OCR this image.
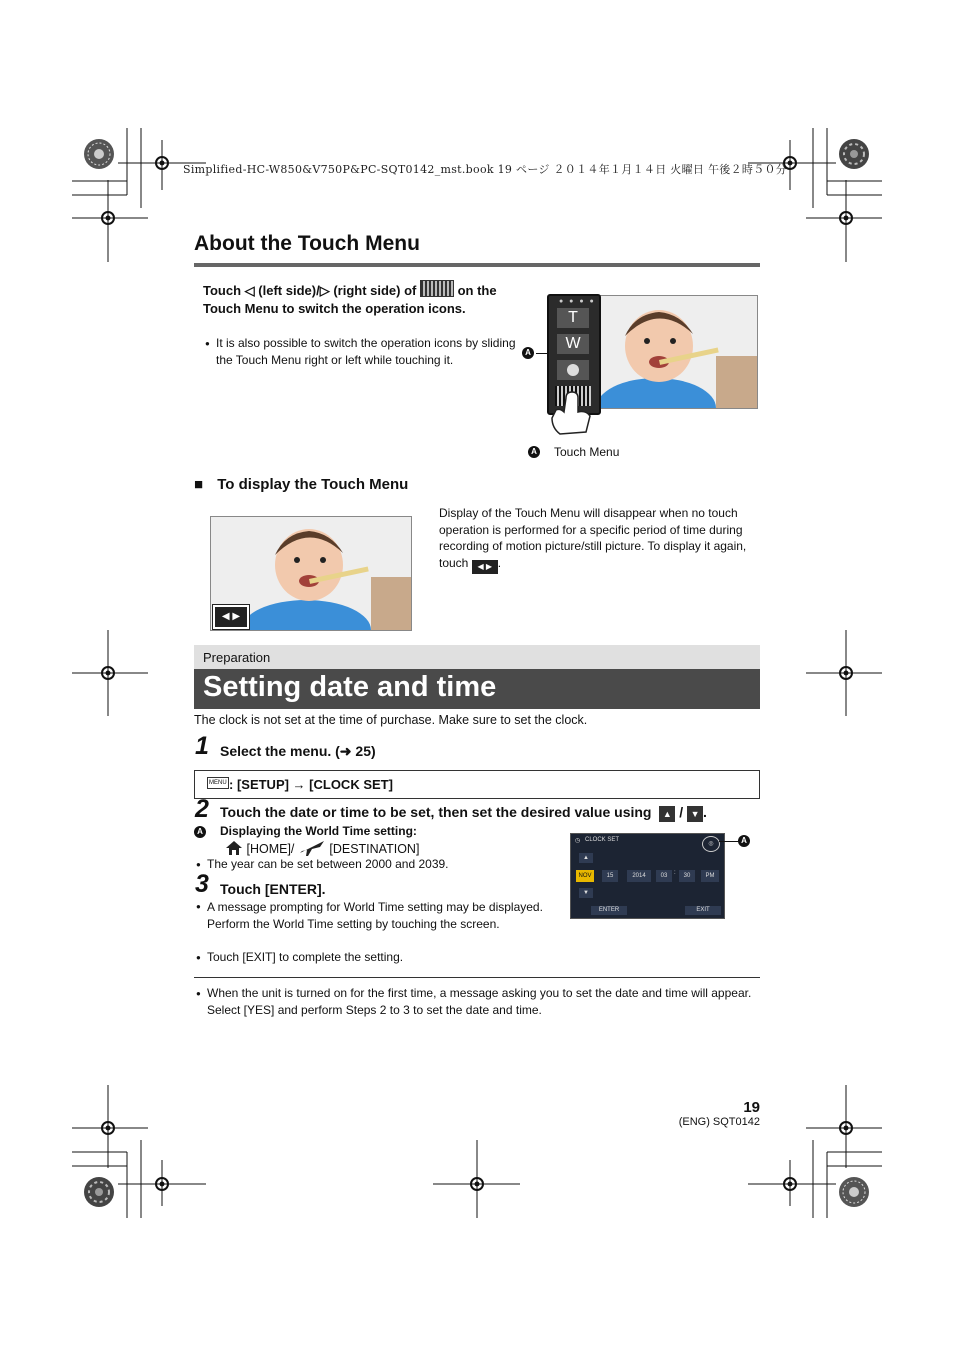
Simplified-HC-W850&V750P&PC-SQT0142_mst.book 19 ページ ２０１４年１月１４日 火曜日 午後２時５０分
About the Touch Menu
Touch ◁ (left side)/▷ (right side) of	on the Touch Menu to switch the operation icons.
● It is also possible to switch the operation icons by sliding the Touch Menu right or left while touching it.
● ● ● ●
T
W
A
A Touch Menu
■ To display the Touch Menu
◀ ▶
Display of the Touch Menu will disappear when no touch operation is performed for a specific period of time during recording of motion picture/still picture. To display it again, touch ◀ ▶ .
Preparation
Setting date and time
The clock is not set at the time of purchase. Make sure to set the clock.
1 Select the menu. (➜ 25)
MENU : [SETUP] → [CLOCK SET]
2 Touch the date or time to be set, then set the desired value using ▲ / ▼ .
A Displaying the World Time setting:
[HOME]/	[DESTINATION]
● The year can be set between 2000 and 2039.
3 Touch [ENTER].
● A message prompting for World Time setting may be displayed. Perform the World Time setting by touching the screen.
● Touch [EXIT] to complete the setting.
◷ CLOCK SET
◎
▲
NOV	15	2014	03	:	30	PM
▼
ENTER	EXIT
A
● When the unit is turned on for the first time, a message asking you to set the date and time will appear. Select [YES] and perform Steps 2 to 3 to set the date and time.
19
(ENG) SQT0142
